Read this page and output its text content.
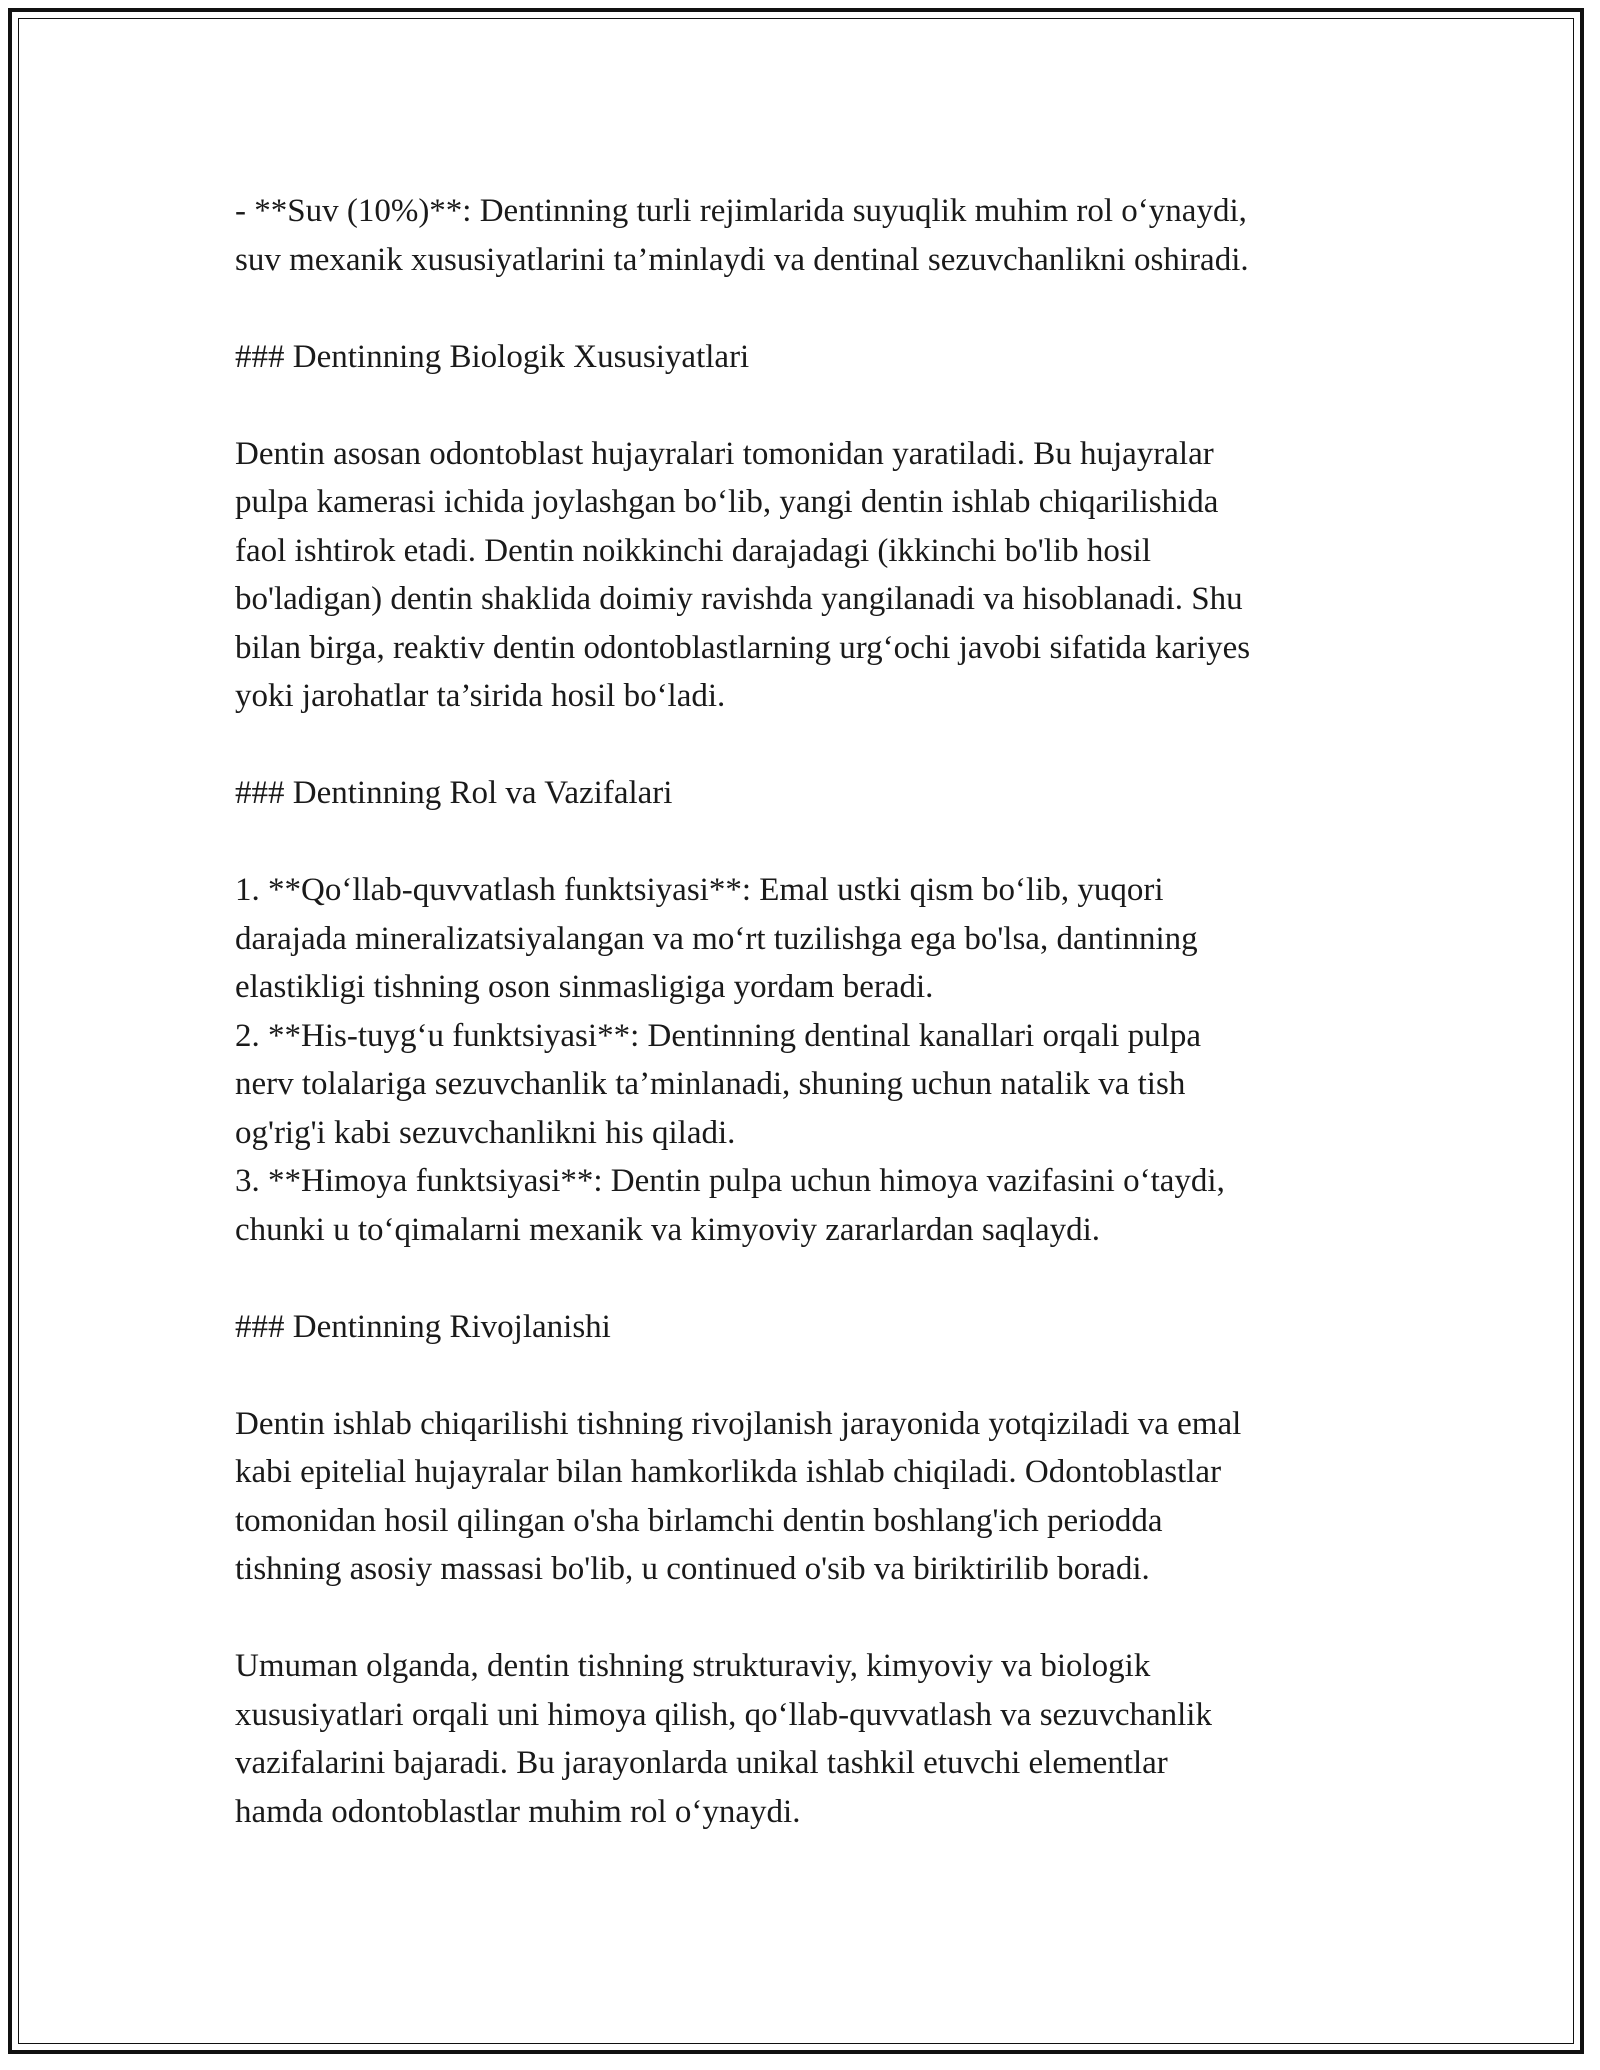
- **Suv (10%)**: Dentinning turli rejimlarida suyuqlik muhim rol o‘ynaydi,
suv mexanik xususiyatlarini ta’minlaydi va dentinal sezuvchanlikni oshiradi.

### Dentinning Biologik Xususiyatlari

Dentin asosan odontoblast hujayralari tomonidan yaratiladi. Bu hujayralar
pulpa kamerasi ichida joylashgan bo‘lib, yangi dentin ishlab chiqarilishida
faol ishtirok etadi. Dentin noikkinchi darajadagi (ikkinchi bo'lib hosil
bo'ladigan) dentin shaklida doimiy ravishda yangilanadi va hisoblanadi. Shu
bilan birga, reaktiv dentin odontoblastlarning urg‘ochi javobi sifatida kariyes
yoki jarohatlar ta’sirida hosil bo‘ladi.

### Dentinning Rol va Vazifalari

1. **Qo‘llab-quvvatlash funktsiyasi**: Emal ustki qism bo‘lib, yuqori
darajada mineralizatsiyalangan va mo‘rt tuzilishga ega bo'lsa, dantinning
elastikligi tishning oson sinmasligiga yordam beradi.

2. **His-tuyg‘u funktsiyasi**: Dentinning dentinal kanallari orqali pulpa
nerv tolalariga sezuvchanlik ta’minlanadi, shuning uchun natalik va tish
og'rig'i kabi sezuvchanlikni his qiladi.

3. **Himoya funktsiyasi**: Dentin pulpa uchun himoya vazifasini o‘taydi,
chunki u to‘qimalarni mexanik va kimyoviy zararlardan saqlaydi.

### Dentinning Rivojlanishi

Dentin ishlab chiqarilishi tishning rivojlanish jarayonida yotqiziladi va emal
kabi epitelial hujayralar bilan hamkorlikda ishlab chiqiladi. Odontoblastlar
tomonidan hosil qilingan o'sha birlamchi dentin boshlang'ich periodda
tishning asosiy massasi bo'lib, u continued o'sib va biriktirilib boradi.

Umuman olganda, dentin tishning strukturaviy, kimyoviy va biologik
xususiyatlari orqali uni himoya qilish, qo‘llab-quvvatlash va sezuvchanlik
vazifalarini bajaradi. Bu jarayonlarda unikal tashkil etuvchi elementlar
hamda odontoblastlar muhim rol o‘ynaydi.
